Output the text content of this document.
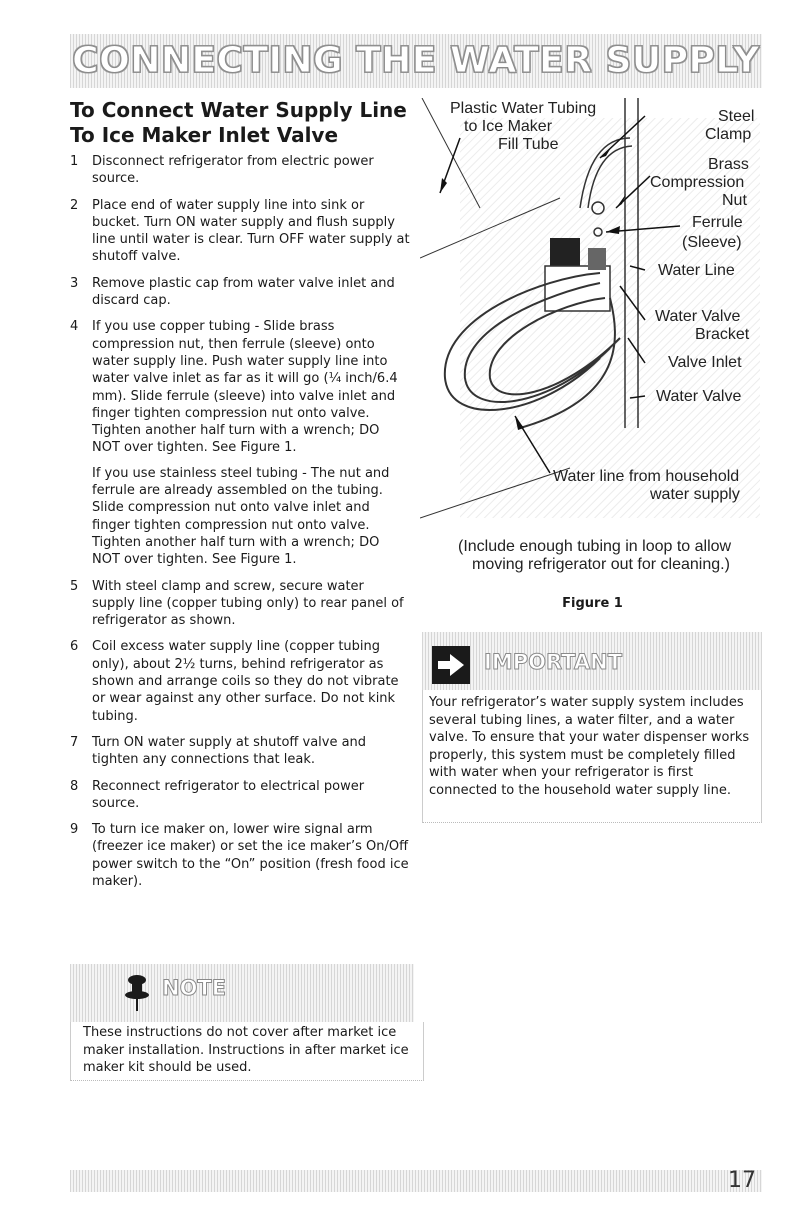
CONNECTING THE WATER SUPPLY
To Connect Water Supply Line To Ice Maker Inlet Valve
1 Disconnect refrigerator from electric power source.
2 Place end of water supply line into sink or bucket. Turn ON water supply and flush supply line until water is clear. Turn OFF water supply at shutoff valve.
3 Remove plastic cap from water valve inlet and discard cap.
4 If you use copper tubing - Slide brass compression nut, then ferrule (sleeve) onto water supply line. Push water supply line into water valve inlet as far as it will go (¼ inch/6.4 mm). Slide ferrule (sleeve) into valve inlet and finger tighten compression nut onto valve. Tighten another half turn with a wrench; DO NOT over tighten. See Figure 1.
If you use stainless steel tubing - The nut and ferrule are already assembled on the tubing. Slide compression nut onto valve inlet and finger tighten compression nut onto valve. Tighten another half turn with a wrench; DO NOT over tighten. See Figure 1.
5 With steel clamp and screw, secure water supply line (copper tubing only) to rear panel of refrigerator as shown.
6 Coil excess water supply line (copper tubing only), about 2½ turns, behind refrigerator as shown and arrange coils so they do not vibrate or wear against any other surface. Do not kink tubing.
7 Turn ON water supply at shutoff valve and tighten any connections that leak.
8 Reconnect refrigerator to electrical power source.
9 To turn ice maker on, lower wire signal arm (freezer ice maker) or set the ice maker’s On/Off power switch to the “On” position (fresh food ice maker).
NOTE
These instructions do not cover after market ice maker installation. Instructions in after market ice maker kit should be used.
Plastic Water Tubing
to Ice Maker
Fill Tube
Steel
Clamp
Brass
Compression
Nut
Ferrule
(Sleeve)
Water Line
Water Valve
Bracket
Valve Inlet
Water Valve
Water line from household
water supply
(Include enough tubing in loop to allow
moving refrigerator out for cleaning.)
Figure 1
IMPORTANT
Your refrigerator’s water supply system includes several tubing lines, a water filter, and a water valve. To ensure that your water dispenser works properly, this system must be completely filled with water when your refrigerator is first connected to the household water supply line.
17
